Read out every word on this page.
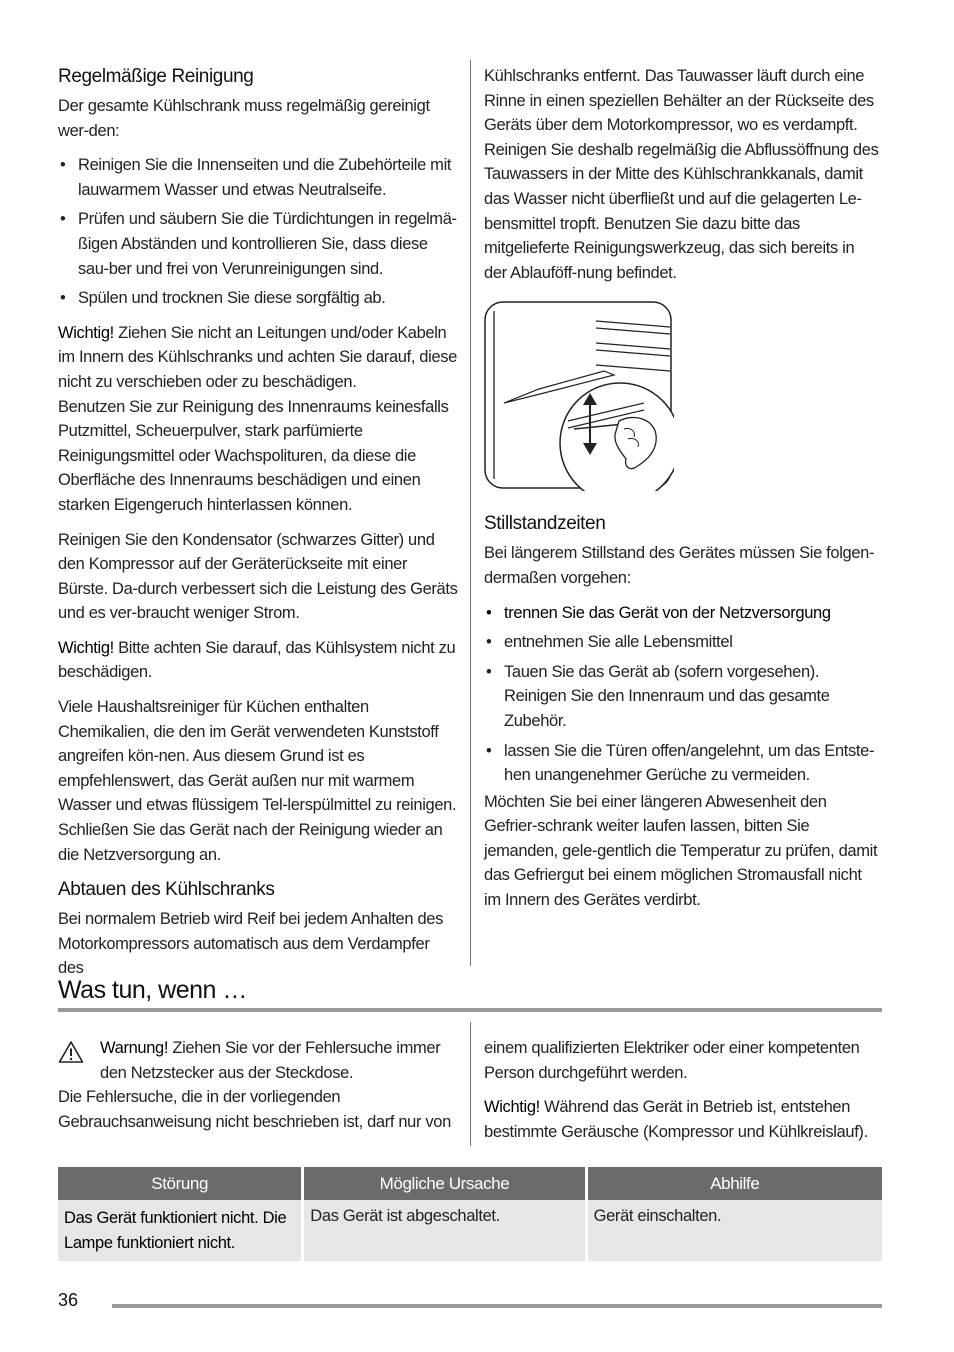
Regelmäßige Reinigung

Der gesamte Kühlschrank muss regelmäßig gereinigt wer-den:

• Reinigen Sie die Innenseiten und die Zubehörteile mit lauwarmem Wasser und etwas Neutralseife.
• Prüfen und säubern Sie die Türdichtungen in regelmä-ßigen Abständen und kontrollieren Sie, dass diese sau-ber und frei von Verunreinigungen sind.
• Spülen und trocknen Sie diese sorgfältig ab.

Wichtig! Ziehen Sie nicht an Leitungen und/oder Kabeln im Innern des Kühlschranks und achten Sie darauf, diese nicht zu verschieben oder zu beschädigen.

Benutzen Sie zur Reinigung des Innenraums keinesfalls Putzmittel, Scheuerpulver, stark parfümierte Reinigungsmittel oder Wachspolituren, da diese die Oberfläche des Innenraums beschädigen und einen starken Eigengeruch hinterlassen können.

Reinigen Sie den Kondensator (schwarzes Gitter) und den Kompressor auf der Geräterückseite mit einer Bürste. Da-durch verbessert sich die Leistung des Geräts und es ver-braucht weniger Strom.

Wichtig! Bitte achten Sie darauf, das Kühlsystem nicht zu beschädigen.

Viele Haushaltsreiniger für Küchen enthalten Chemikalien, die den im Gerät verwendeten Kunststoff angreifen kön-nen. Aus diesem Grund ist es empfehlenswert, das Gerät außen nur mit warmem Wasser und etwas flüssigem Tel-lerspülmittel zu reinigen.

Schließen Sie das Gerät nach der Reinigung wieder an die Netzversorgung an.

Abtauen des Kühlschranks

Bei normalem Betrieb wird Reif bei jedem Anhalten des Motorkompressors automatisch aus dem Verdampfer des

Kühlschranks entfernt. Das Tauwasser läuft durch eine Rinne in einen speziellen Behälter an der Rückseite des Geräts über dem Motorkompressor, wo es verdampft. Reinigen Sie deshalb regelmäßig die Abflussöffnung des Tauwassers in der Mitte des Kühlschrankkanals, damit das Wasser nicht überfließt und auf die gelagerten Le-bensmittel tropft. Benutzen Sie dazu bitte das mitgelieferte Reinigungswerkzeug, das sich bereits in der Ablauföff-nung befindet.

Stillstandzeiten

Bei längerem Stillstand des Gerätes müssen Sie folgen-dermaßen vorgehen:

• trennen Sie das Gerät von der Netzversorgung
• entnehmen Sie alle Lebensmittel
• Tauen Sie das Gerät ab (sofern vorgesehen). Reinigen Sie den Innenraum und das gesamte Zubehör.
• lassen Sie die Türen offen/angelehnt, um das Entste-hen unangenehmer Gerüche zu vermeiden.

Möchten Sie bei einer längeren Abwesenheit den Gefrier-schrank weiter laufen lassen, bitten Sie jemanden, gele-gentlich die Temperatur zu prüfen, damit das Gefriergut bei einem möglichen Stromausfall nicht im Innern des Gerätes verdirbt.

Was tun, wenn …

Warnung! Ziehen Sie vor der Fehlersuche immer den Netzstecker aus der Steckdose.

Die Fehlersuche, die in der vorliegenden Gebrauchsanweisung nicht beschrieben ist, darf nur von

einem qualifizierten Elektriker oder einer kompetenten Person durchgeführt werden.

Wichtig! Während das Gerät in Betrieb ist, entstehen bestimmte Geräusche (Kompressor und Kühlkreislauf).

Störung	Mögliche Ursache	Abhilfe
Das Gerät funktioniert nicht. Die Lampe funktioniert nicht.	Das Gerät ist abgeschaltet.	Gerät einschalten.
36
